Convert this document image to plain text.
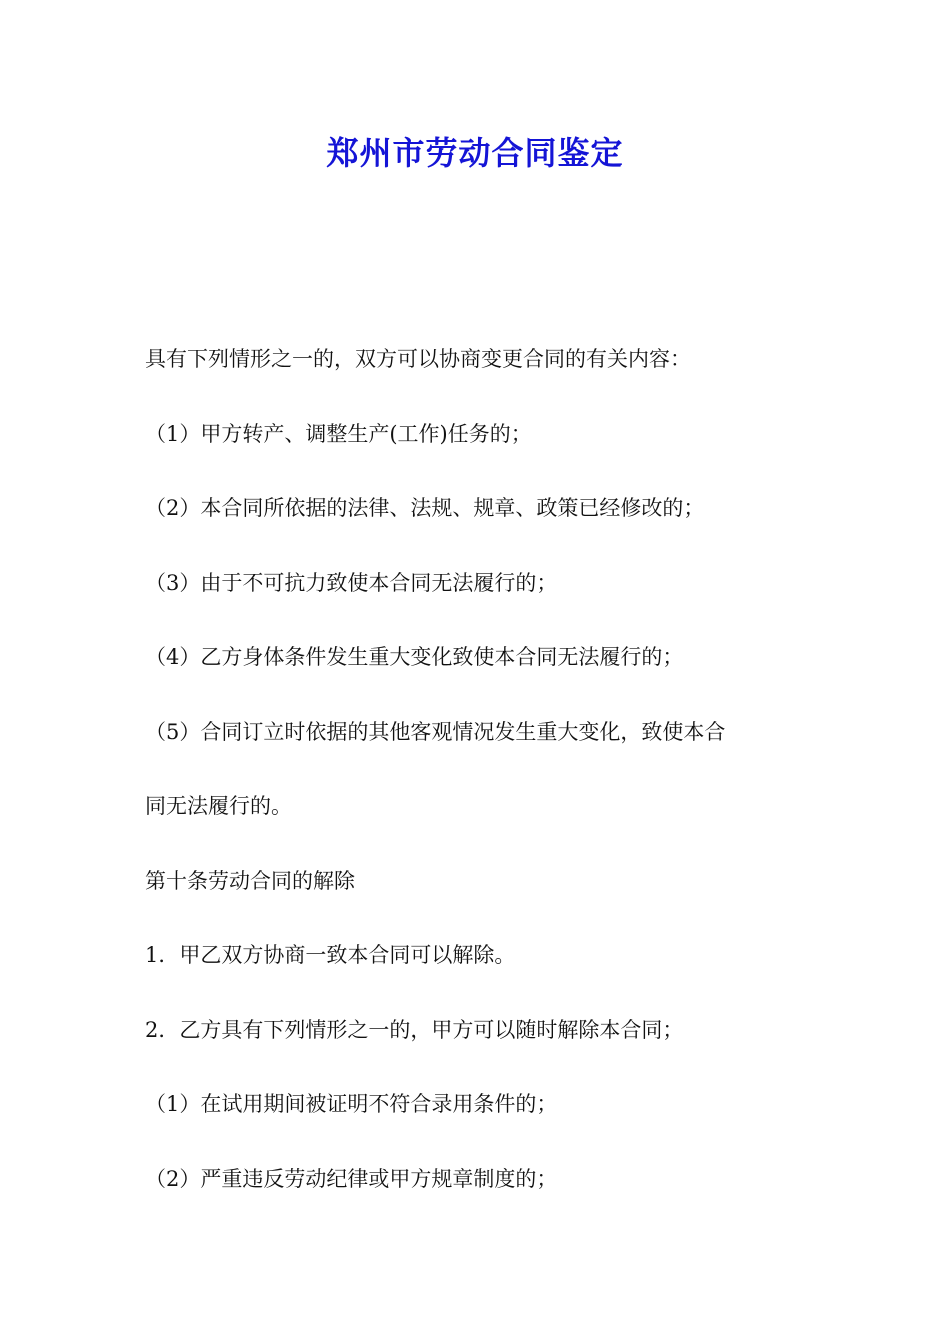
郑州市劳动合同鉴定

具有下列情形之一的，双方可以协商变更合同的有关内容：

（1）甲方转产、调整生产(工作)任务的；

（2）本合同所依据的法律、法规、规章、政策已经修改的；

（3）由于不可抗力致使本合同无法履行的；

（4）乙方身体条件发生重大变化致使本合同无法履行的；

（5）合同订立时依据的其他客观情况发生重大变化，致使本合

同无法履行的。

第十条劳动合同的解除

1．甲乙双方协商一致本合同可以解除。

2．乙方具有下列情形之一的，甲方可以随时解除本合同；

（1）在试用期间被证明不符合录用条件的；

（2）严重违反劳动纪律或甲方规章制度的；
